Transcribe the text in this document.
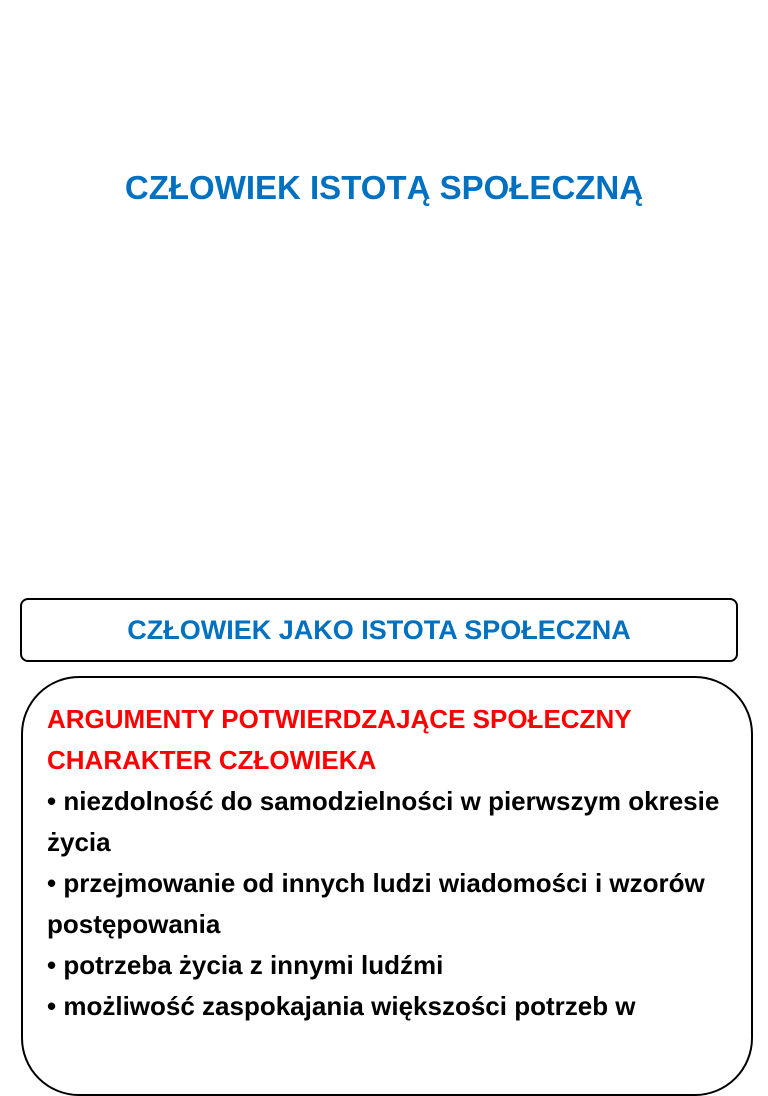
CZŁOWIEK ISTOTĄ SPOŁECZNĄ
CZŁOWIEK JAKO ISTOTA SPOŁECZNA

ARGUMENTY POTWIERDZAJĄCE SPOŁECZNY CHARAKTER CZŁOWIEKA

• niezdolność do samodzielności w pierwszym okresie życia
• przejmowanie od innych ludzi wiadomości i wzorów postępowania
• potrzeba życia z innymi ludźmi
• możliwość zaspokajania większości potrzeb w
